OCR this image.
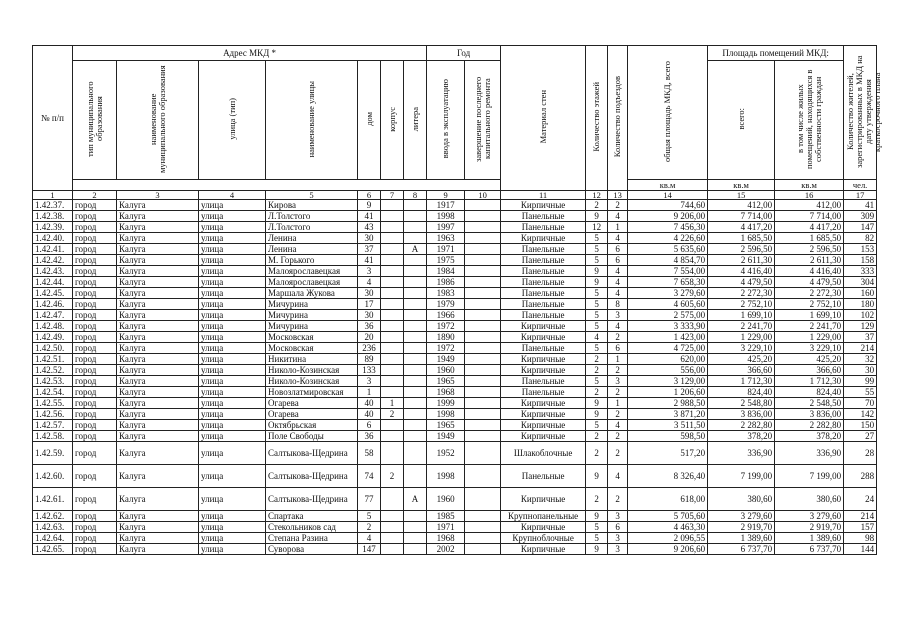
№ п/п	Адрес МКД *							Год		Материал стен	Количество этажей	Количество подъездов	общая площадь МКД, всего	Площадь помещений МКД:		Количество жителей, зарегистрированных в МКД на дату утверждения краткосрочного плана
	тип муниципального образования	наименование муниципального образования	улица (тип)	наименование улицы	дом	корпус	литера	ввода в эксплуатацию	завершение последнего капитального ремонта					всего:	в том числе жилых помещений, находящихся в собственности граждан	
													кв.м	кв.м	кв.м	чел.
1	2	3	4	5	6	7	8	9	10	11	12	13	14	15	16	17
1.42.37.	город	Калуга	улица	Кирова	9			1917		Кирпичные	2	2	744,60	412,00	412,00	41
1.42.38.	город	Калуга	улица	Л.Толстого	41			1998		Панельные	9	4	9 206,00	7 714,00	7 714,00	309
1.42.39.	город	Калуга	улица	Л.Толстого	43			1997		Панельные	12	1	7 456,30	4 417,20	4 417,20	147
1.42.40.	город	Калуга	улица	Ленина	30			1963		Кирпичные	5	4	4 226,60	1 685,50	1 685,50	82
1.42.41.	город	Калуга	улица	Ленина	37		А	1971		Панельные	5	6	5 635,60	2 596,50	2 596,50	153
1.42.42.	город	Калуга	улица	М. Горького	41			1975		Панельные	5	6	4 854,70	2 611,30	2 611,30	158
1.42.43.	город	Калуга	улица	Малоярославецкая	3			1984		Панельные	9	4	7 554,00	4 416,40	4 416,40	333
1.42.44.	город	Калуга	улица	Малоярославецкая	4			1986		Панельные	9	4	7 658,30	4 479,50	4 479,50	304
1.42.45.	город	Калуга	улица	Маршала Жукова	30			1983		Панельные	5	4	3 279,60	2 272,30	2 272,30	160
1.42.46.	город	Калуга	улица	Мичурина	17			1979		Панельные	5	8	4 605,60	2 752,10	2 752,10	180
1.42.47.	город	Калуга	улица	Мичурина	30			1966		Панельные	5	3	2 575,00	1 699,10	1 699,10	102
1.42.48.	город	Калуга	улица	Мичурина	36			1972		Кирпичные	5	4	3 333,90	2 241,70	2 241,70	129
1.42.49.	город	Калуга	улица	Московская	20			1890		Кирпичные	4	2	1 423,00	1 229,00	1 229,00	37
1.42.50.	город	Калуга	улица	Московская	236			1972		Панельные	5	6	4 725,00	3 229,10	3 229,10	214
1.42.51.	город	Калуга	улица	Никитина	89			1949		Кирпичные	2	1	620,00	425,20	425,20	32
1.42.52.	город	Калуга	улица	Николо-Козинская	133			1960		Кирпичные	2	2	556,00	366,60	366,60	30
1.42.53.	город	Калуга	улица	Николо-Козинская	3			1965		Панельные	5	3	3 129,00	1 712,30	1 712,30	99
1.42.54.	город	Калуга	улица	Новозлатмировская	1			1968		Панельные	2	2	1 206,60	824,40	824,40	55
1.42.55.	город	Калуга	улица	Огарева	40	1		1999		Кирпичные	9	1	2 988,50	2 548,80	2 548,50	70
1.42.56.	город	Калуга	улица	Огарева	40	2		1998		Кирпичные	9	2	3 871,20	3 836,00	3 836,00	142
1.42.57.	город	Калуга	улица	Октябрьская	6			1965		Кирпичные	5	4	3 511,50	2 282,80	2 282,80	150
1.42.58.	город	Калуга	улица	Поле Свободы	36			1949		Кирпичные	2	2	598,50	378,20	378,20	27
1.42.59.	город	Калуга	улица	Салтыкова-Щедрина	58			1952		Шлакоблочные	2	2	517,20	336,90	336,90	28
1.42.60.	город	Калуга	улица	Салтыкова-Щедрина	74	2		1998		Панельные	9	4	8 326,40	7 199,00	7 199,00	288
1.42.61.	город	Калуга	улица	Салтыкова-Щедрина	77		А	1960		Кирпичные	2	2	618,00	380,60	380,60	24
1.42.62.	город	Калуга	улица	Спартака	5			1985		Крупнопанельные	9	3	5 705,60	3 279,60	3 279,60	214
1.42.63.	город	Калуга	улица	Стекольников сад	2			1971		Кирпичные	5	6	4 463,30	2 919,70	2 919,70	157
1.42.64.	город	Калуга	улица	Степана Разина	4			1968		Крупноблочные	5	3	2 096,55	1 389,60	1 389,60	98
1.42.65.	город	Калуга	улица	Суворова	147			2002		Кирпичные	9	3	9 206,60	6 737,70	6 737,70	144
